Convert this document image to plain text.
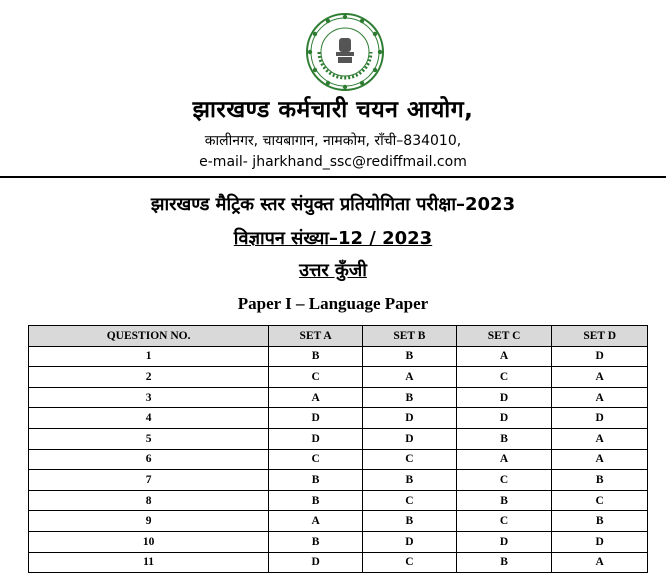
झारखण्ड कर्मचारी चयन आयोग,
कालीनगर, चायबागान, नामकोम, राँची–834010,
e-mail- jharkhand_ssc@rediffmail.com
झारखण्ड मैट्रिक स्तर संयुक्त प्रतियोगिता परीक्षा–2023
विज्ञापन संख्या–12 / 2023
उत्तर कुँजी
Paper I – Language Paper
QUESTION NO.	SET A	SET B	SET C	SET D
1	B	B	A	D
2	C	A	C	A
3	A	B	D	A
4	D	D	D	D
5	D	D	B	A
6	C	C	A	A
7	B	B	C	B
8	B	C	B	C
9	A	B	C	B
10	B	D	D	D
11	D	C	B	A
